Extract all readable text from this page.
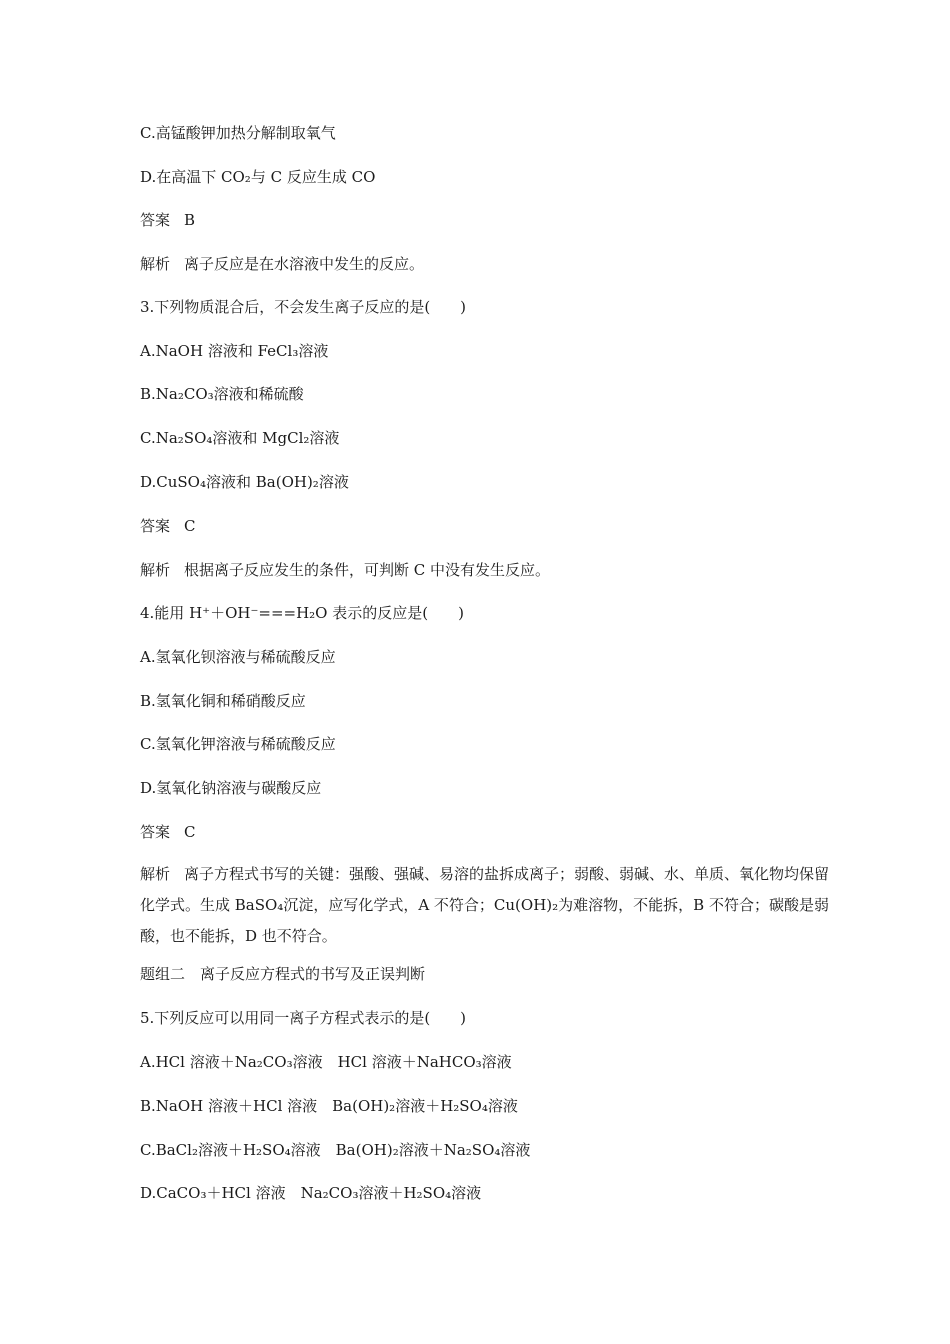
C.高锰酸钾加热分解制取氧气
D.在高温下 CO₂与 C 反应生成 CO
答案 B
解析 离子反应是在水溶液中发生的反应。
3.下列物质混合后，不会发生离子反应的是(　　)
A.NaOH 溶液和 FeCl₃溶液
B.Na₂CO₃溶液和稀硫酸
C.Na₂SO₄溶液和 MgCl₂溶液
D.CuSO₄溶液和 Ba(OH)₂溶液
答案 C
解析 根据离子反应发生的条件，可判断 C 中没有发生反应。
4.能用 H⁺＋OH⁻===H₂O 表示的反应是(　　)
A.氢氧化钡溶液与稀硫酸反应
B.氢氧化铜和稀硝酸反应
C.氢氧化钾溶液与稀硫酸反应
D.氢氧化钠溶液与碳酸反应
答案 C
解析 离子方程式书写的关键：强酸、强碱、易溶的盐拆成离子；弱酸、弱碱、水、单质、氧化物均保留化学式。生成 BaSO₄沉淀，应写化学式，A 不符合；Cu(OH)₂为难溶物，不能拆，B 不符合；碳酸是弱酸，也不能拆，D 也不符合。
题组二　离子反应方程式的书写及正误判断
5.下列反应可以用同一离子方程式表示的是(　　)
A.HCl 溶液＋Na₂CO₃溶液　HCl 溶液＋NaHCO₃溶液
B.NaOH 溶液＋HCl 溶液　Ba(OH)₂溶液＋H₂SO₄溶液
C.BaCl₂溶液＋H₂SO₄溶液　Ba(OH)₂溶液＋Na₂SO₄溶液
D.CaCO₃＋HCl 溶液　Na₂CO₃溶液＋H₂SO₄溶液
